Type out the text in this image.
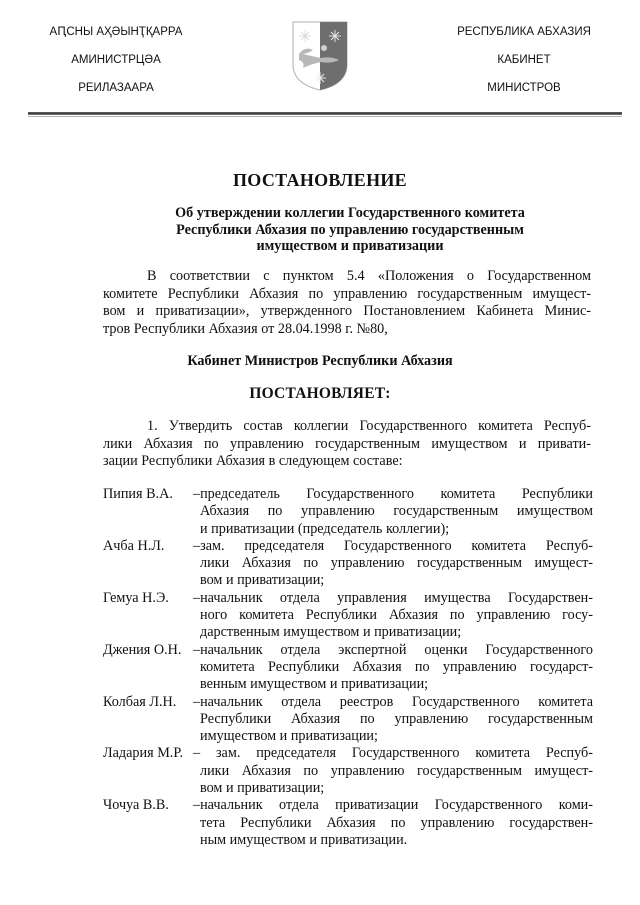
АԤСНЫ АҲӘЫНҬҚАРРА
АМИНИСТРЦӘА
РЕИЛАЗААРА
РЕСПУБЛИКА АБХАЗИЯ
КАБИНЕТ
МИНИСТРОВ
ПОСТАНОВЛЕНИЕ
Об утверждении коллегии Государственного комитета
Республики Абхазия по управлению государственным
имуществом и приватизации
В соответствии с пунктом 5.4 «Положения о Государственном
комитете Республики Абхазия по управлению государственным имущест-
вом и приватизации», утвержденного Постановлением Кабинета Минис-
тров Республики Абхазия от 28.04.1998 г. №80,
Кабинет Министров Республики Абхазия
ПОСТАНОВЛЯЕТ:
1. Утвердить состав коллегии Государственного комитета Респуб-
лики Абхазия по управлению государственным имуществом и привати-
зации Республики Абхазия в следующем составе:
Пипия В.А. –председатель Государственного комитета Республики
Абхазия по управлению государственным имуществом
и приватизации (председатель коллегии);
Ачба Н.Л. –зам. председателя Государственного комитета Респуб-
лики Абхазия по управлению государственным имущест-
вом и приватизации;
Гемуа Н.Э. –начальник отдела управления имущества Государствен-
ного комитета Республики Абхазия по управлению госу-
дарственным имуществом и приватизации;
Джения О.Н. –начальник отдела экспертной оценки Государственного
комитета Республики Абхазия по управлению государст-
венным имуществом и приватизации;
Колбая Л.Н. –начальник отдела реестров Государственного комитета
Республики Абхазия по управлению государственным
имуществом и приватизации;
Ладария М.Р. – зам. председателя Государственного комитета Респуб-
лики Абхазия по управлению государственным имущест-
вом и приватизации;
Чочуа В.В. –начальник отдела приватизации Государственного коми-
тета Республики Абхазия по управлению государствен-
ным имуществом и приватизации.
